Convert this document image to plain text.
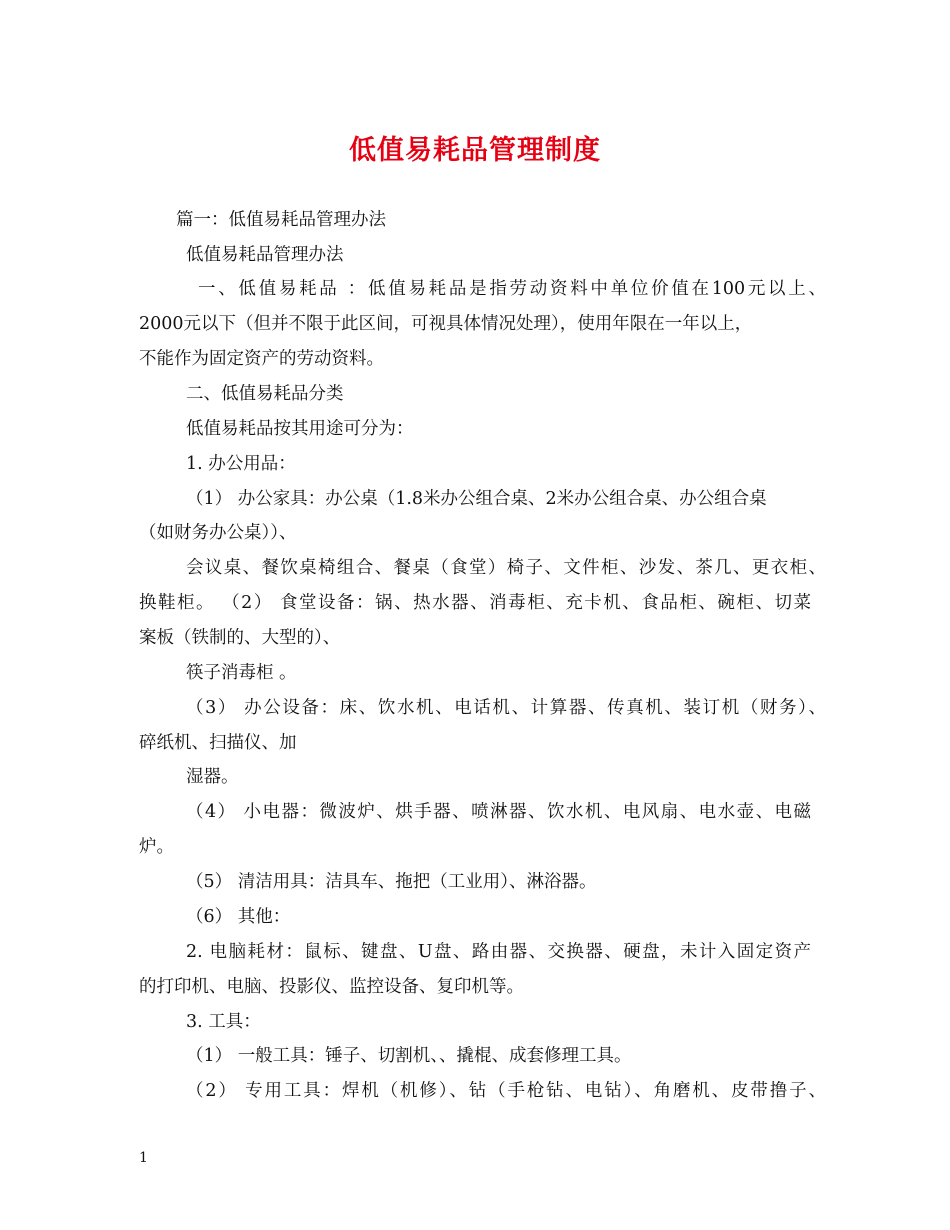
低值易耗品管理制度
篇一：低值易耗品管理办法
低值易耗品管理办法
一、低值易耗品 ：低值易耗品是指劳动资料中单位价值在100元以上、
2000元以下（但并不限于此区间，可视具体情况处理），使用年限在一年以上，
不能作为固定资产的劳动资料。
二、低值易耗品分类
低值易耗品按其用途可分为：
1. 办公用品：
（1） 办公家具：办公桌（1.8米办公组合桌、2米办公组合桌、办公组合桌
（如财务办公桌））、
会议桌、餐饮桌椅组合、餐桌（食堂）椅子、文件柜、沙发、茶几、更衣柜、
换鞋柜。 （2） 食堂设备：锅、热水器、消毒柜、充卡机、食品柜、碗柜、切菜
案板（铁制的、大型的）、
筷子消毒柜 。
（3） 办公设备：床、饮水机、电话机、计算器、传真机、装订机（财务）、
碎纸机、扫描仪、加
湿器。
（4） 小电器：微波炉、烘手器、喷淋器、饮水机、电风扇、电水壶、电磁
炉。
（5） 清洁用具：洁具车、拖把（工业用）、淋浴器。
（6） 其他：
2. 电脑耗材：鼠标、键盘、U盘、路由器、交换器、硬盘，未计入固定资产
的打印机、电脑、投影仪、监控设备、复印机等。
3. 工具：
（1） 一般工具：锤子、切割机、、撬棍、成套修理工具。
（2） 专用工具：焊机（机修）、钻（手枪钻、电钻）、角磨机、皮带撸子、
1
